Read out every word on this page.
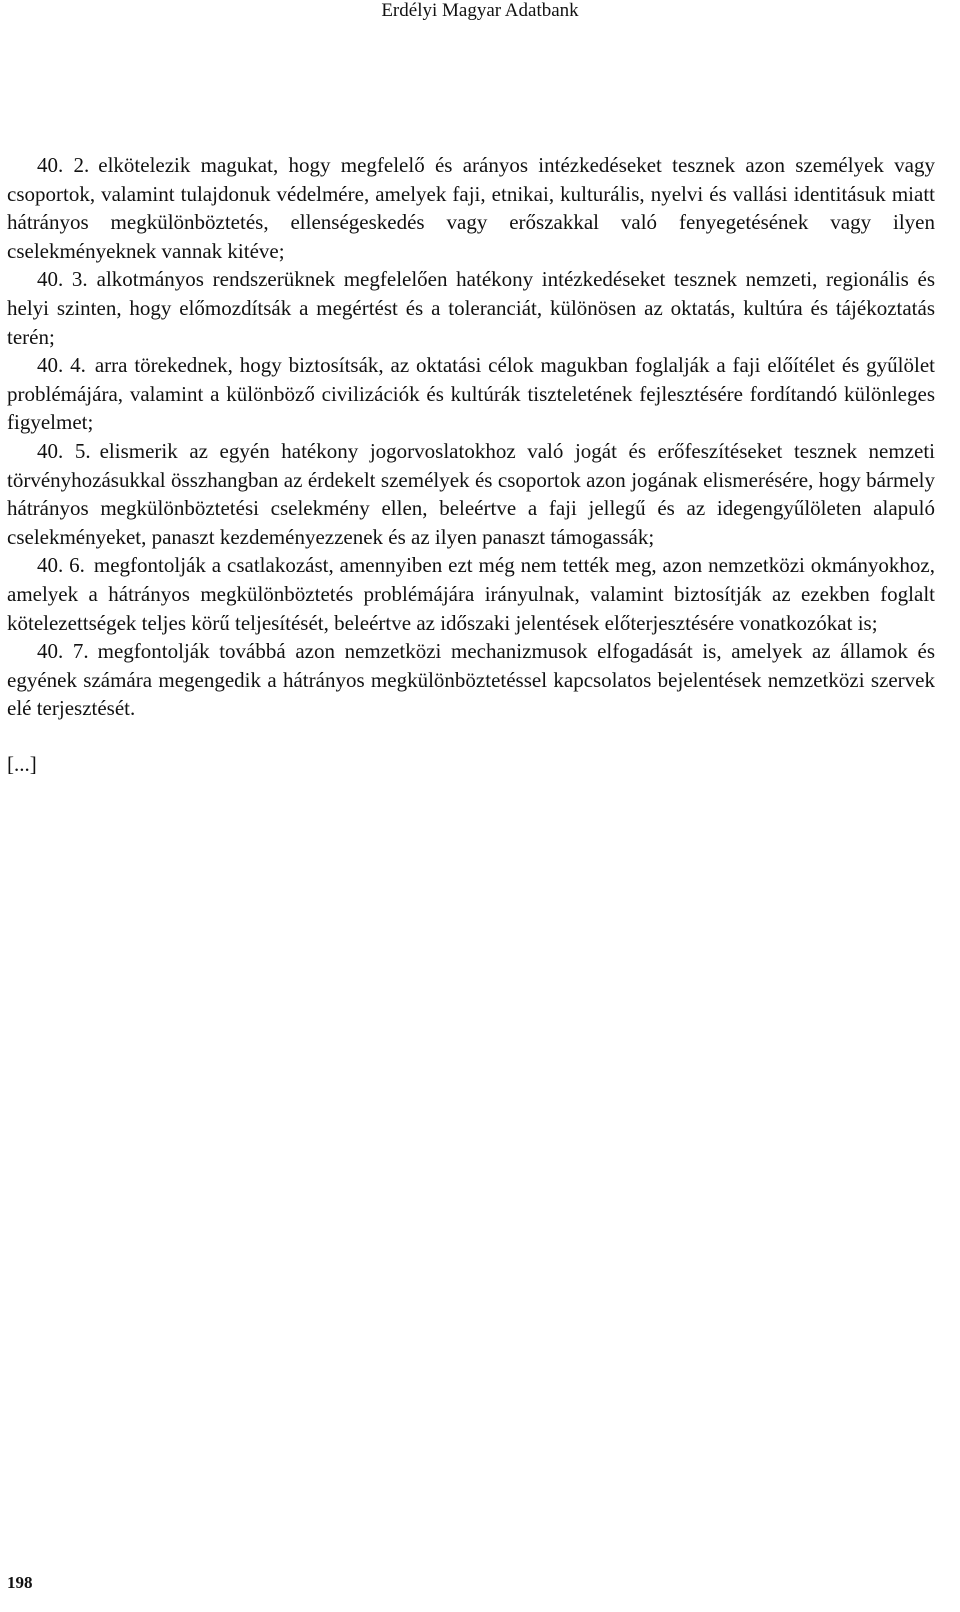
Erdélyi Magyar Adatbank

40. 2. elkötelezik magukat, hogy megfelelő és arányos intézkedéseket tesznek azon személyek vagy csoportok, valamint tulajdonuk védelmére, amelyek faji, etnikai, kulturális, nyelvi és vallási identitásuk miatt hátrányos megkülönböztetés, ellenségeskedés vagy erőszakkal való fenyegetésének vagy ilyen cselekményeknek vannak kitéve;

40. 3. alkotmányos rendszerüknek megfelelően hatékony intézkedéseket tesznek nemzeti, regionális és helyi szinten, hogy előmozdítsák a megértést és a toleranciát, különösen az oktatás, kultúra és tájékoztatás terén;

40. 4. arra törekednek, hogy biztosítsák, az oktatási célok magukban foglalják a faji előítélet és gyűlölet problémájára, valamint a különböző civilizációk és kultúrák tiszteletének fejlesztésére fordítandó különleges figyelmet;

40. 5. elismerik az egyén hatékony jogorvoslatokhoz való jogát és erőfeszítéseket tesznek nemzeti törvényhozásukkal összhangban az érdekelt személyek és csoportok azon jogának elismerésére, hogy bármely hátrányos megkülönböztetési cselekmény ellen, beleértve a faji jellegű és az idegengyűlöleten alapuló cselekményeket, panaszt kezdeményezzenek és az ilyen panaszt támogassák;

40. 6. megfontolják a csatlakozást, amennyiben ezt még nem tették meg, azon nemzetközi okmányokhoz, amelyek a hátrányos megkülönböztetés problémájára irányulnak, valamint biztosítják az ezekben foglalt kötelezettségek teljes körű teljesítését, beleértve az időszaki jelentések előterjesztésére vonatkozókat is;

40. 7. megfontolják továbbá azon nemzetközi mechanizmusok elfogadását is, amelyek az államok és egyének számára megengedik a hátrányos megkülönböztetéssel kapcsolatos bejelentések nemzetközi szervek elé terjesztését.

[...]

198
